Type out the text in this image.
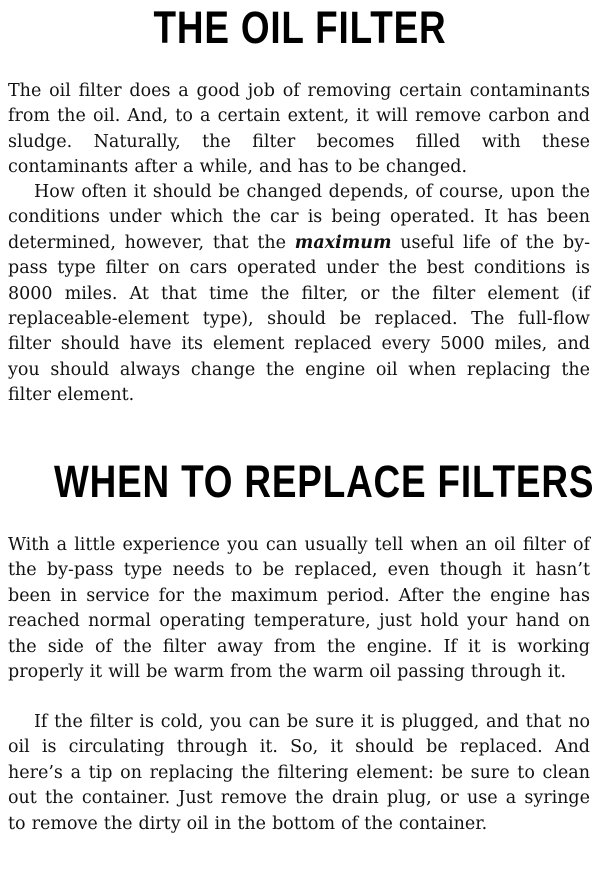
THE OIL FILTER

The oil filter does a good job of removing certain contaminants from the oil. And, to a certain extent, it will remove carbon and sludge. Naturally, the filter becomes filled with these contaminants after a while, and has to be changed.

How often it should be changed depends, of course, upon the conditions under which the car is being operated. It has been determined, however, that the maximum useful life of the by-pass type filter on cars operated under the best conditions is 8000 miles. At that time the filter, or the filter element (if replaceable-element type), should be replaced. The full-flow filter should have its element replaced every 5000 miles, and you should always change the engine oil when replacing the filter element.

WHEN TO REPLACE FILTERS

With a little experience you can usually tell when an oil filter of the by-pass type needs to be replaced, even though it hasn’t been in service for the maximum period. After the engine has reached normal operating temperature, just hold your hand on the side of the filter away from the engine. If it is working properly it will be warm from the warm oil passing through it.

If the filter is cold, you can be sure it is plugged, and that no oil is circulating through it. So, it should be replaced. And here’s a tip on replacing the filtering element: be sure to clean out the container. Just remove the drain plug, or use a syringe to remove the dirty oil in the bottom of the container.
